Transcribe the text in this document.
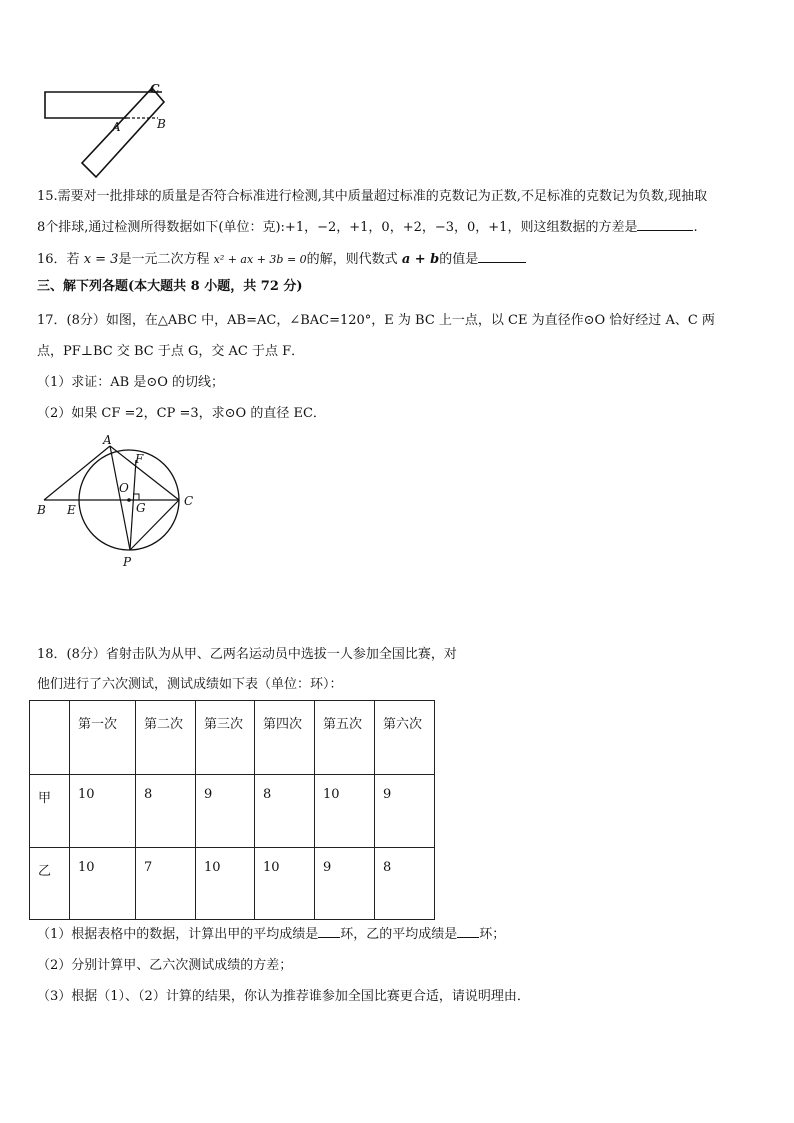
C
A	B
15.需要对一批排球的质量是否符合标准进行检测,其中质量超过标准的克数记为正数,不足标准的克数记为负数,现抽取
8个排球,通过检测所得数据如下(单位：克):+1，−2，+1，0，+2，−3，0，+1，则这组数据的方差是	.
16．若 x = 3是一元二次方程 x² + ax + 3b = 0的解，则代数式 a + b的值是
三、解下列各题(本大题共 8 小题，共 72 分)
17．(8分）如图，在△ABC 中，AB=AC，∠BAC=120°，E 为 BC 上一点，以 CE 为直径作⊙O 恰好经过 A、C 两
点，PF⊥BC 交 BC 于点 G，交 AC 于点 F．
（1）求证：AB 是⊙O 的切线；
（2）如果 CF =2，CP =3，求⊙O 的直径 EC．
A
F
O
G
B E
C
P
18．(8分）省射击队为从甲、乙两名运动员中选拔一人参加全国比赛，对
他们进行了六次测试，测试成绩如下表（单位：环）：
	第一次	第二次	第三次	第四次	第五次	第六次
甲	10	8	9	8	10	9
乙	10	7	10	10	9	8
（1）根据表格中的数据，计算出甲的平均成绩是 环，乙的平均成绩是 环；
（2）分别计算甲、乙六次测试成绩的方差；
（3）根据（1）、（2）计算的结果，你认为推荐谁参加全国比赛更合适，请说明理由．
